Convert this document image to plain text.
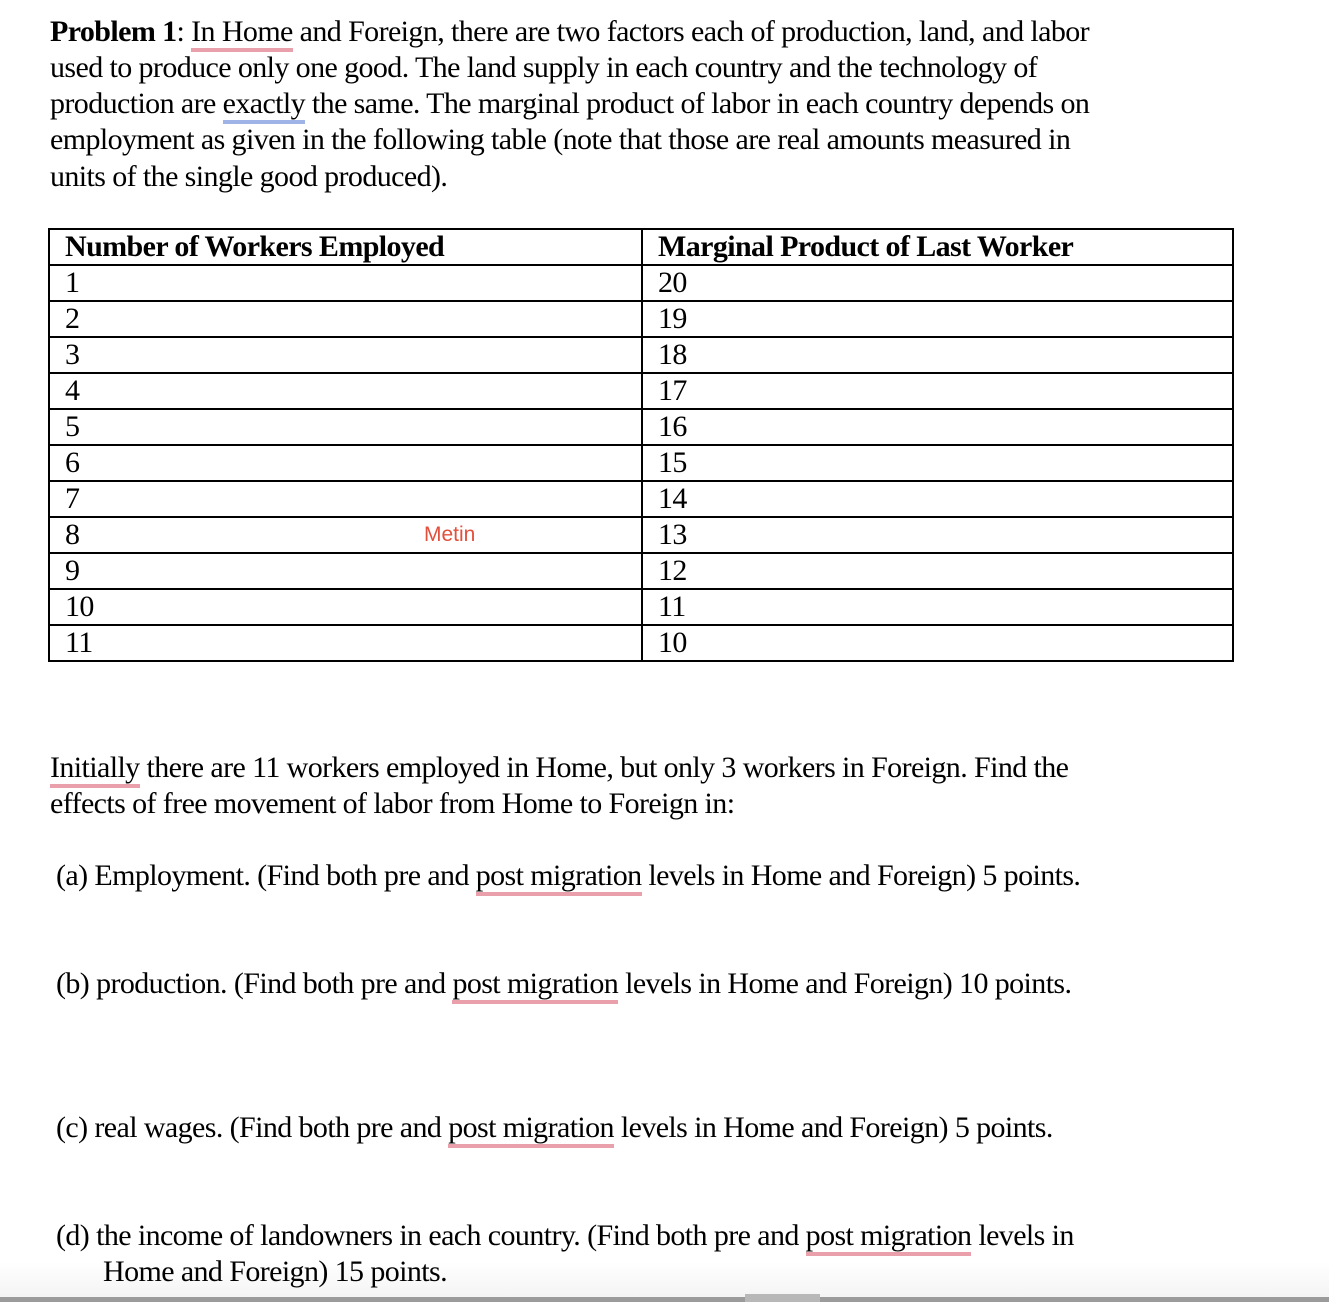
Problem 1: In Home and Foreign, there are two factors each of production, land, and labor
used to produce only one good. The land supply in each country and the technology of
production are exactly the same. The marginal product of labor in each country depends on
employment as given in the following table (note that those are real amounts measured in
units of the single good produced).
Number of Workers Employed	Marginal Product of Last Worker
1	20
2	19
3	18
4	17
5	16
6	15
7	14
8 Metin	13
9	12
10	11
11	10
Initially there are 11 workers employed in Home, but only 3 workers in Foreign. Find the
effects of free movement of labor from Home to Foreign in:
(a) Employment. (Find both pre and post migration levels in Home and Foreign) 5 points.
(b) production. (Find both pre and post migration levels in Home and Foreign) 10 points.
(c) real wages. (Find both pre and post migration levels in Home and Foreign) 5 points.
(d) the income of landowners in each country. (Find both pre and post migration levels in
Home and Foreign) 15 points.
